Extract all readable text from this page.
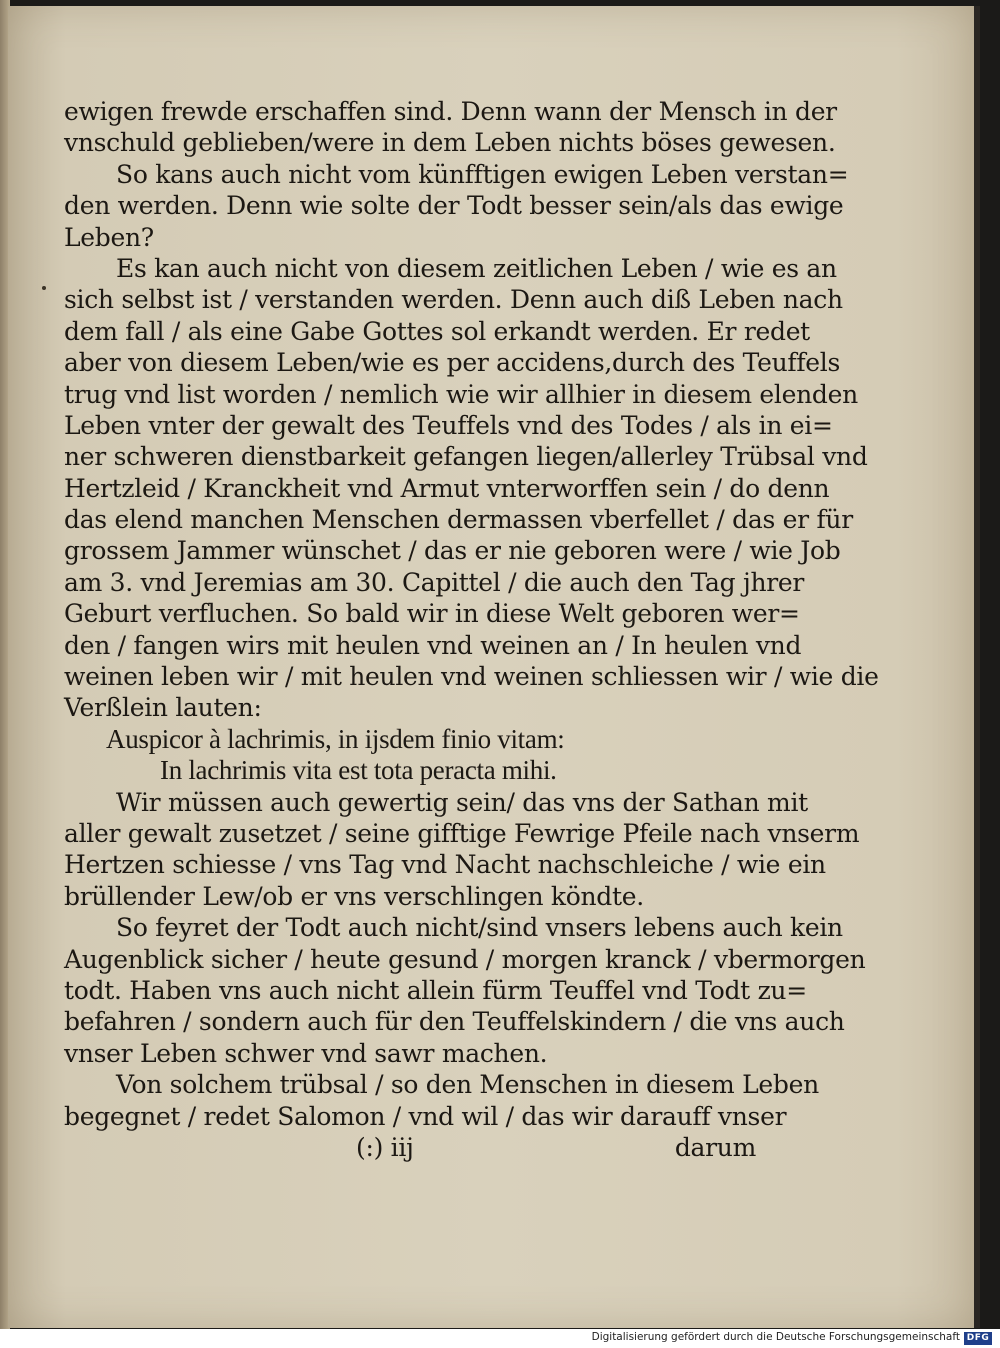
ewigen frewde erschaffen sind. Denn wann der Mensch in der
vnschuld geblieben/were in dem Leben nichts böses gewesen.
So kans auch nicht vom künfftigen ewigen Leben verstan=
den werden. Denn wie solte der Todt besser sein/als das ewige
Leben?
Es kan auch nicht von diesem zeitlichen Leben / wie es an
sich selbst ist / verstanden werden. Denn auch diß Leben nach
dem fall / als eine Gabe Gottes sol erkandt werden. Er redet
aber von diesem Leben/wie es per accidens,durch des Teuffels
trug vnd list worden / nemlich wie wir allhier in diesem elenden
Leben vnter der gewalt des Teuffels vnd des Todes / als in ei=
ner schweren dienstbarkeit gefangen liegen/allerley Trübsal vnd
Hertzleid / Kranckheit vnd Armut vnterworffen sein / do denn
das elend manchen Menschen dermassen vberfellet / das er für
grossem Jammer wünschet / das er nie geboren were / wie Job
am 3. vnd Jeremias am 30. Capittel / die auch den Tag jhrer
Geburt verfluchen. So bald wir in diese Welt geboren wer=
den / fangen wirs mit heulen vnd weinen an / In heulen vnd
weinen leben wir / mit heulen vnd weinen schliessen wir / wie die
Verßlein lauten:
Auspicor à lachrimis, in ijsdem finio vitam:
In lachrimis vita est tota peracta mihi.
Wir müssen auch gewertig sein/ das vns der Sathan mit
aller gewalt zusetzet / seine gifftige Fewrige Pfeile nach vnserm
Hertzen schiesse / vns Tag vnd Nacht nachschleiche / wie ein
brüllender Lew/ob er vns verschlingen köndte.
So feyret der Todt auch nicht/sind vnsers lebens auch kein
Augenblick sicher / heute gesund / morgen kranck / vbermorgen
todt. Haben vns auch nicht allein fürm Teuffel vnd Todt zu=
befahren / sondern auch für den Teuffelskindern / die vns auch
vnser Leben schwer vnd sawr machen.
Von solchem trübsal / so den Menschen in diesem Leben
begegnet / redet Salomon / vnd wil / das wir darauff vnser
(:) iij	darum
Digitalisierung gefördert durch die Deutsche Forschungsgemeinschaft DFG
